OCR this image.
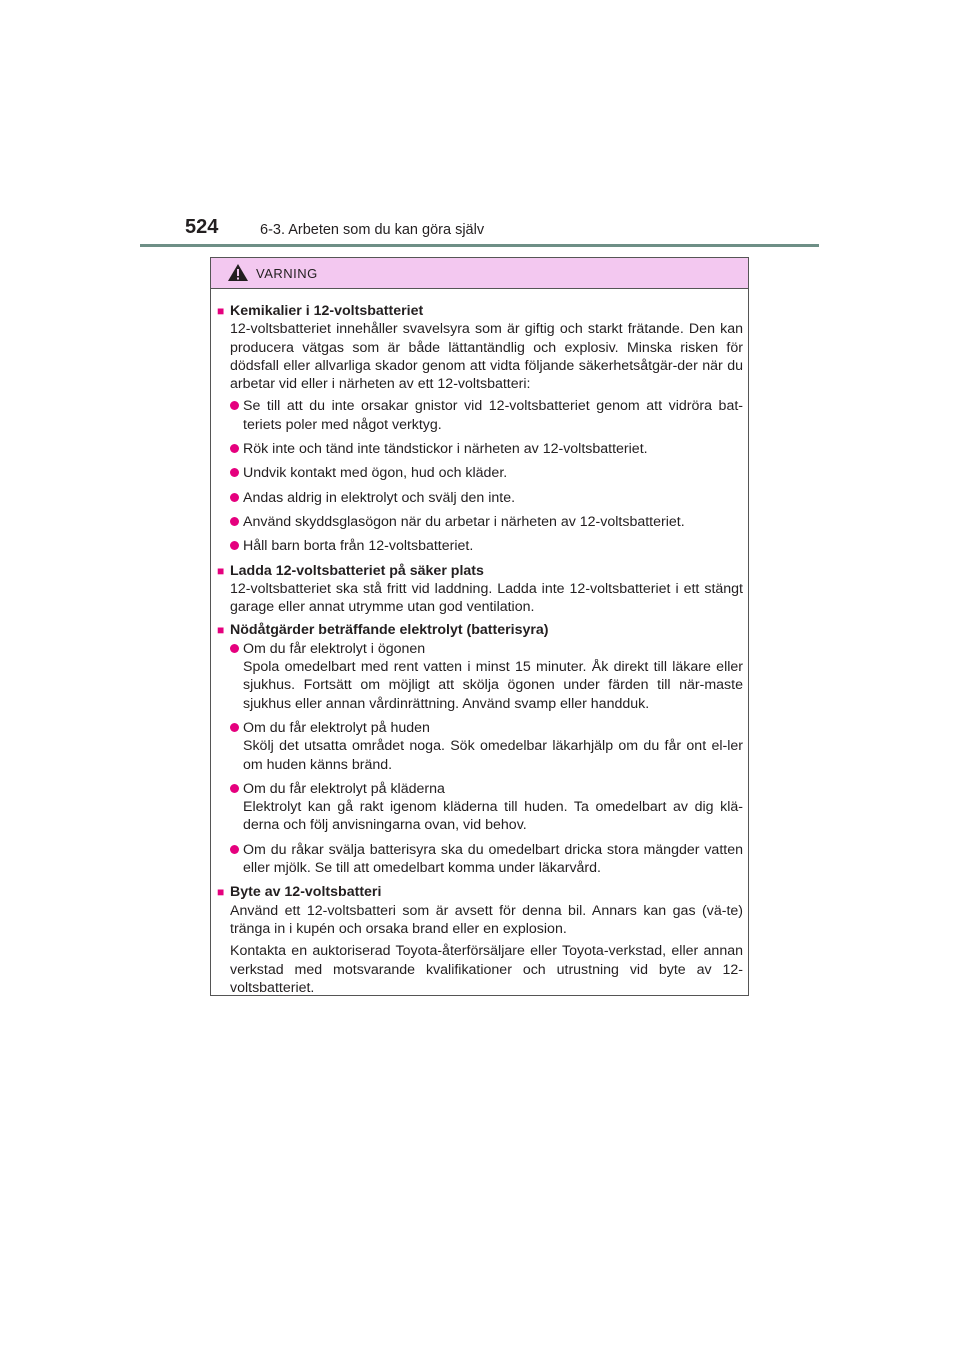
524	6-3. Arbeten som du kan göra själv
VARNING
■ Kemikalier i 12-voltsbatteriet
12-voltsbatteriet innehåller svavelsyra som är giftig och starkt frätande. Den kan producera vätgas som är både lättantändlig och explosiv. Minska risken för dödsfall eller allvarliga skador genom att vidta följande säkerhetsåtgär-der när du arbetar vid eller i närheten av ett 12-voltsbatteri:
Se till att du inte orsakar gnistor vid 12-voltsbatteriet genom att vidröra bat-teriets poler med något verktyg.
Rök inte och tänd inte tändstickor i närheten av 12-voltsbatteriet.
Undvik kontakt med ögon, hud och kläder.
Andas aldrig in elektrolyt och svälj den inte.
Använd skyddsglasögon när du arbetar i närheten av 12-voltsbatteriet.
Håll barn borta från 12-voltsbatteriet.
■ Ladda 12-voltsbatteriet på säker plats
12-voltsbatteriet ska stå fritt vid laddning. Ladda inte 12-voltsbatteriet i ett stängt garage eller annat utrymme utan god ventilation.
■ Nödåtgärder beträffande elektrolyt (batterisyra)
Om du får elektrolyt i ögonen
Spola omedelbart med rent vatten i minst 15 minuter. Åk direkt till läkare eller sjukhus. Fortsätt om möjligt att skölja ögonen under färden till när-maste sjukhus eller annan vårdinrättning. Använd svamp eller handduk.
Om du får elektrolyt på huden
Skölj det utsatta området noga. Sök omedelbar läkarhjälp om du får ont el-ler om huden känns bränd.
Om du får elektrolyt på kläderna
Elektrolyt kan gå rakt igenom kläderna till huden. Ta omedelbart av dig klä-derna och följ anvisningarna ovan, vid behov.
Om du råkar svälja batterisyra ska du omedelbart dricka stora mängder vatten eller mjölk. Se till att omedelbart komma under läkarvård.
■ Byte av 12-voltsbatteri
Använd ett 12-voltsbatteri som är avsett för denna bil. Annars kan gas (vä-te) tränga in i kupén och orsaka brand eller en explosion.
Kontakta en auktoriserad Toyota-återförsäljare eller Toyota-verkstad, eller annan verkstad med motsvarande kvalifikationer och utrustning vid byte av 12-voltsbatteriet.
